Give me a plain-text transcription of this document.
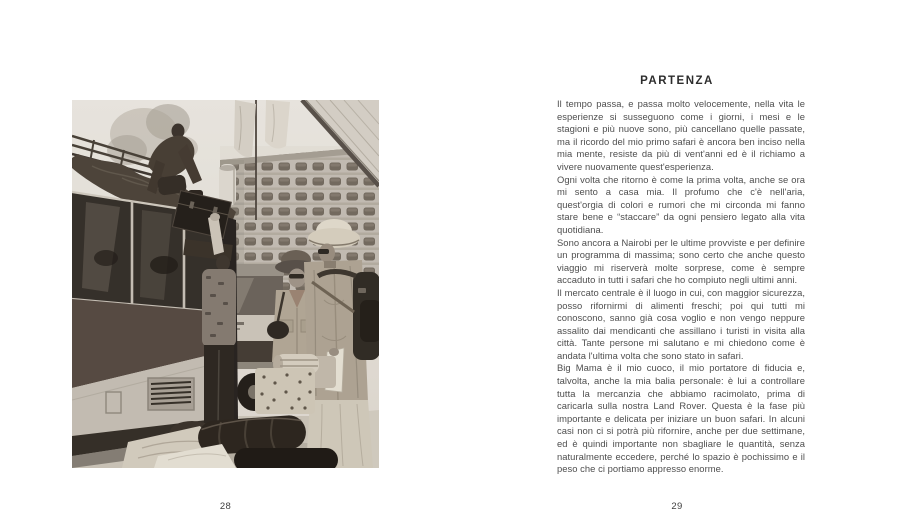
28
PARTENZA

Il tempo passa, e passa molto velocemente, nella vita le esperienze si susseguono come i giorni, i mesi e le stagioni e più nuove sono, più cancellano quelle passate, ma il ricordo del mio primo safari è ancora ben inciso nella mia mente, resiste da più di vent'anni ed è il richiamo a vivere nuovamente quest'esperienza.

Ogni volta che ritorno è come la prima volta, anche se ora mi sento a casa mia. Il profumo che c'è nell'aria, quest'orgia di colori e rumori che mi circonda mi fanno stare bene e “staccare” da ogni pensiero legato alla vita quotidiana.

Sono ancora a Nairobi per le ultime provviste e per definire un programma di massima; sono certo che anche questo viaggio mi riserverà molte sorprese, come è sempre accaduto in tutti i safari che ho compiuto negli ultimi anni.

Il mercato centrale è il luogo in cui, con maggior sicurezza, posso rifornirmi di alimenti freschi; poi qui tutti mi conoscono, sanno già cosa voglio e non vengo neppure assalito dai mendicanti che assillano i turisti in visita alla città. Tante persone mi salutano e mi chiedono come è andata l'ultima volta che sono stato in safari.

Big Mama è il mio cuoco, il mio portatore di fiducia e, talvolta, anche la mia balia personale: è lui a controllare tutta la mercanzia che abbiamo racimolato, prima di caricarla sulla nostra Land Rover. Questa è la fase più importante e delicata per iniziare un buon safari. In alcuni casi non ci si potrà più rifornire, anche per due settimane, ed è quindi importante non sbagliare le quantità, senza naturalmente eccedere, perché lo spazio è pochissimo e il peso che ci portiamo appresso enorme.

29
